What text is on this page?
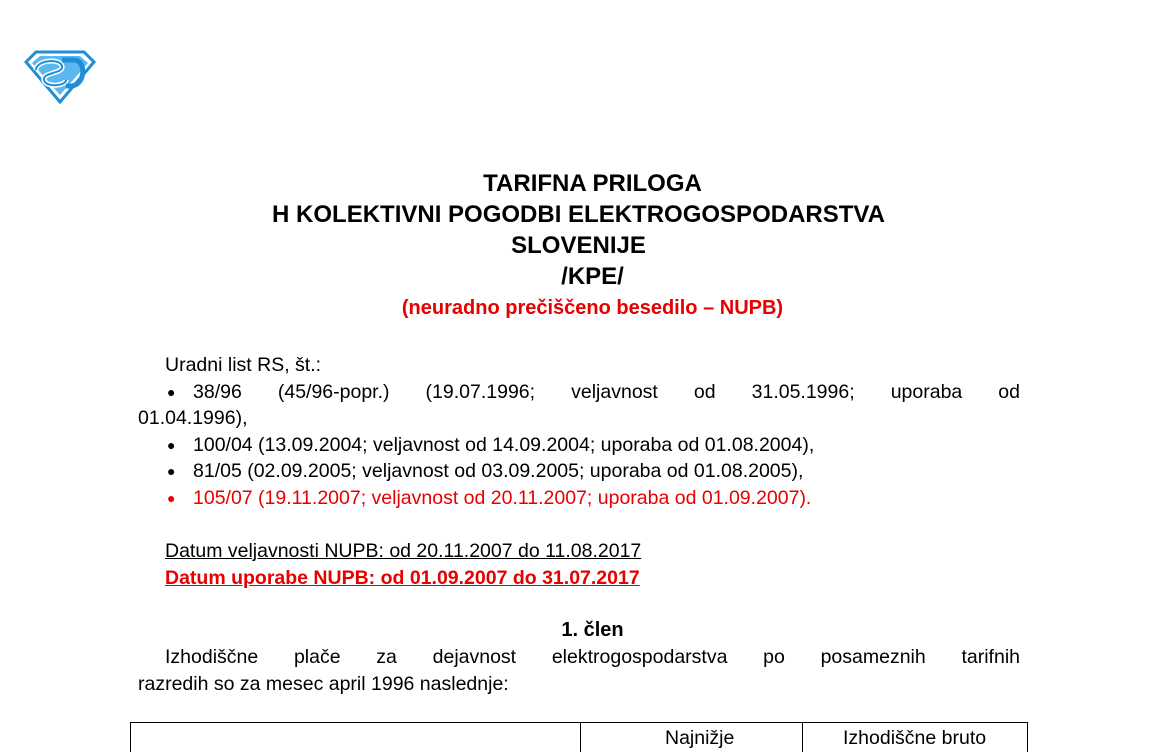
TARIFNA PRILOGA
H KOLEKTIVNI POGODBI ELEKTROGOSPODARSTVA
SLOVENIJE
/KPE/
(neuradno prečiščeno besedilo – NUPB)
Uradni list RS, št.:
● 38/96 (45/96-popr.) (19.07.1996; veljavnost od 31.05.1996; uporaba od
01.04.1996),
● 100/04 (13.09.2004; veljavnost od 14.09.2004; uporaba od 01.08.2004),
● 81/05 (02.09.2005; veljavnost od 03.09.2005; uporaba od 01.08.2005),
● 105/07 (19.11.2007; veljavnost od 20.11.2007; uporaba od 01.09.2007).
Datum veljavnosti NUPB: od 20.11.2007 do 11.08.2017
Datum uporabe NUPB: od 01.09.2007 do 31.07.2017
1. člen
Izhodiščne plače za dejavnost elektrogospodarstva po posameznih tarifnih
razredih so za mesec april 1996 naslednje:
Najnižje	Izhodiščne bruto
